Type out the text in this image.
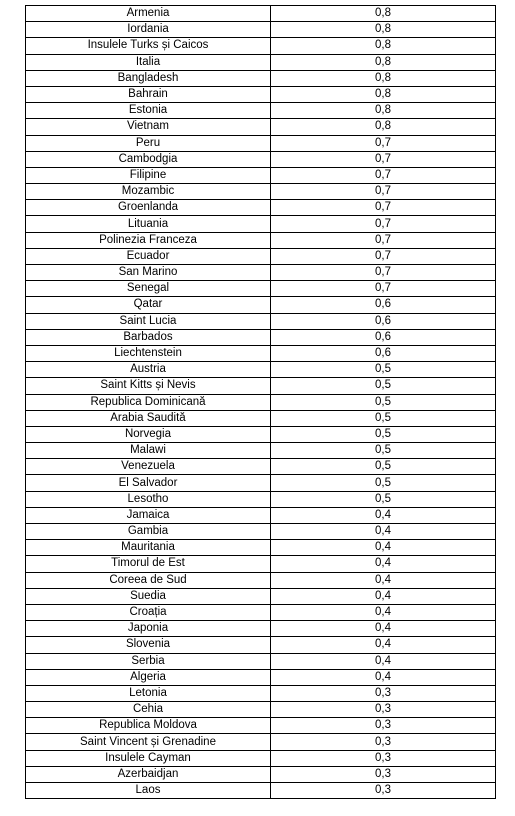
Armenia	0,8
Iordania	0,8
Insulele Turks și Caicos	0,8
Italia	0,8
Bangladesh	0,8
Bahrain	0,8
Estonia	0,8
Vietnam	0,8
Peru	0,7
Cambodgia	0,7
Filipine	0,7
Mozambic	0,7
Groenlanda	0,7
Lituania	0,7
Polinezia Franceza	0,7
Ecuador	0,7
San Marino	0,7
Senegal	0,7
Qatar	0,6
Saint Lucia	0,6
Barbados	0,6
Liechtenstein	0,6
Austria	0,5
Saint Kitts și Nevis	0,5
Republica Dominicană	0,5
Arabia Saudită	0,5
Norvegia	0,5
Malawi	0,5
Venezuela	0,5
El Salvador	0,5
Lesotho	0,5
Jamaica	0,4
Gambia	0,4
Mauritania	0,4
Timorul de Est	0,4
Coreea de Sud	0,4
Suedia	0,4
Croația	0,4
Japonia	0,4
Slovenia	0,4
Serbia	0,4
Algeria	0,4
Letonia	0,3
Cehia	0,3
Republica Moldova	0,3
Saint Vincent și Grenadine	0,3
Insulele Cayman	0,3
Azerbaidjan	0,3
Laos	0,3
